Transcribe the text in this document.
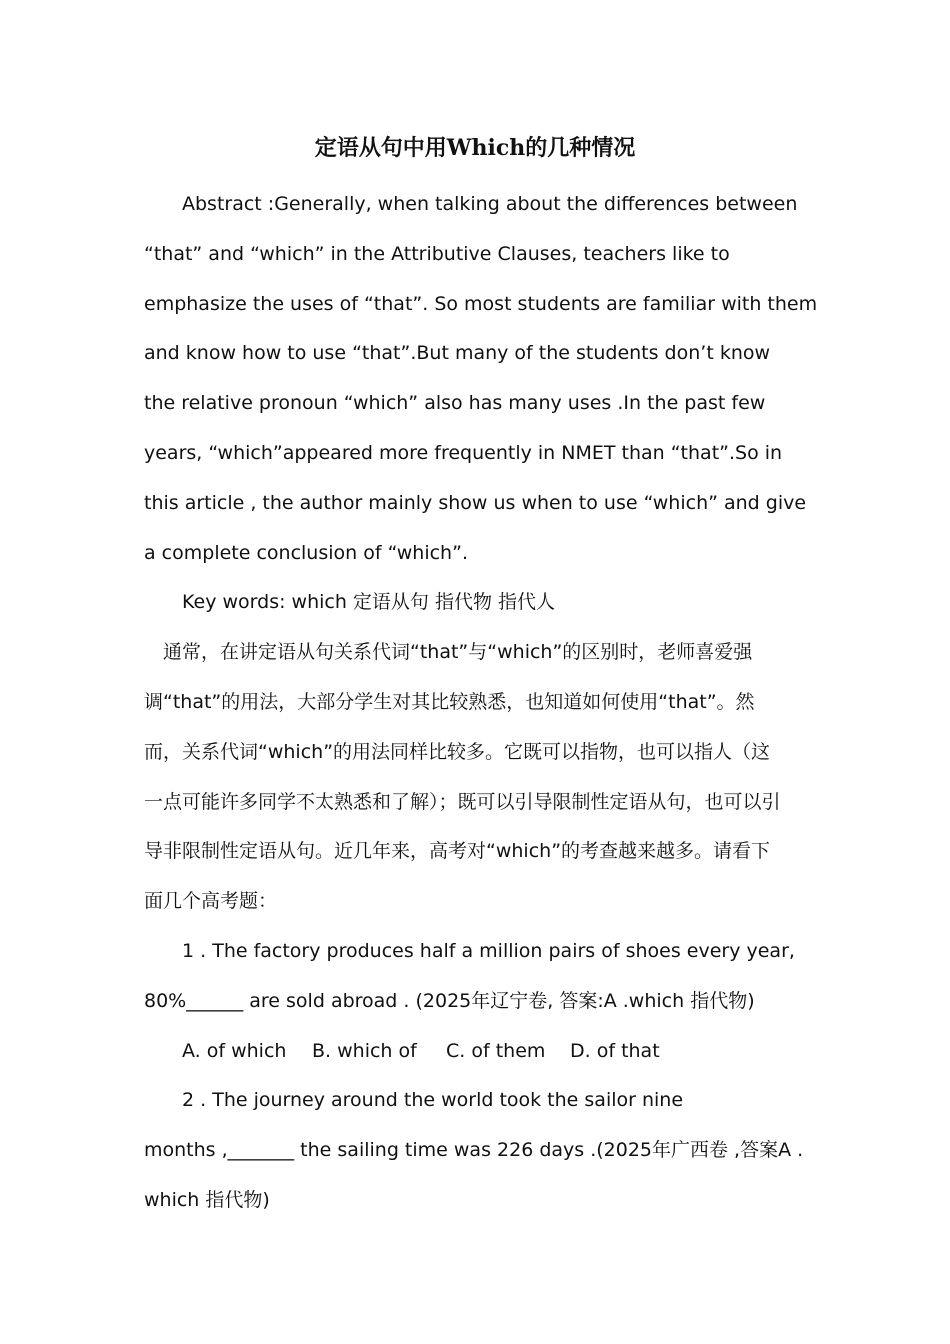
定语从句中用Which的几种情况

Abstract :Generally, when talking about the differences between

“that” and “which” in the Attributive Clauses, teachers like to

emphasize the uses of “that”. So most students are familiar with them

and know how to use “that”.But many of the students don’t know

the relative pronoun “which” also has many uses .In the past few

years, “which”appeared more frequently in NMET than “that”.So in

this article , the author mainly show us when to use “which” and give

a complete conclusion of “which”.

Key words: which 定语从句 指代物 指代人

通常，在讲定语从句关系代词“that”与“which”的区别时，老师喜爱强

调“that”的用法，大部分学生对其比较熟悉，也知道如何使用“that”。然

而，关系代词“which”的用法同样比较多。它既可以指物，也可以指人（这

一点可能许多同学不太熟悉和了解）；既可以引导限制性定语从句，也可以引

导非限制性定语从句。近几年来，高考对“which”的考查越来越多。请看下

面几个高考题：

1 . The factory produces half a million pairs of shoes every year,

80%______ are sold abroad . (2025年辽宁卷, 答案:A .which 指代物)

A. of which B. which of C. of them D. of that

2 . The journey around the world took the sailor nine

months ,_______ the sailing time was 226 days .(2025年广西卷 ,答案A .

which 指代物)
